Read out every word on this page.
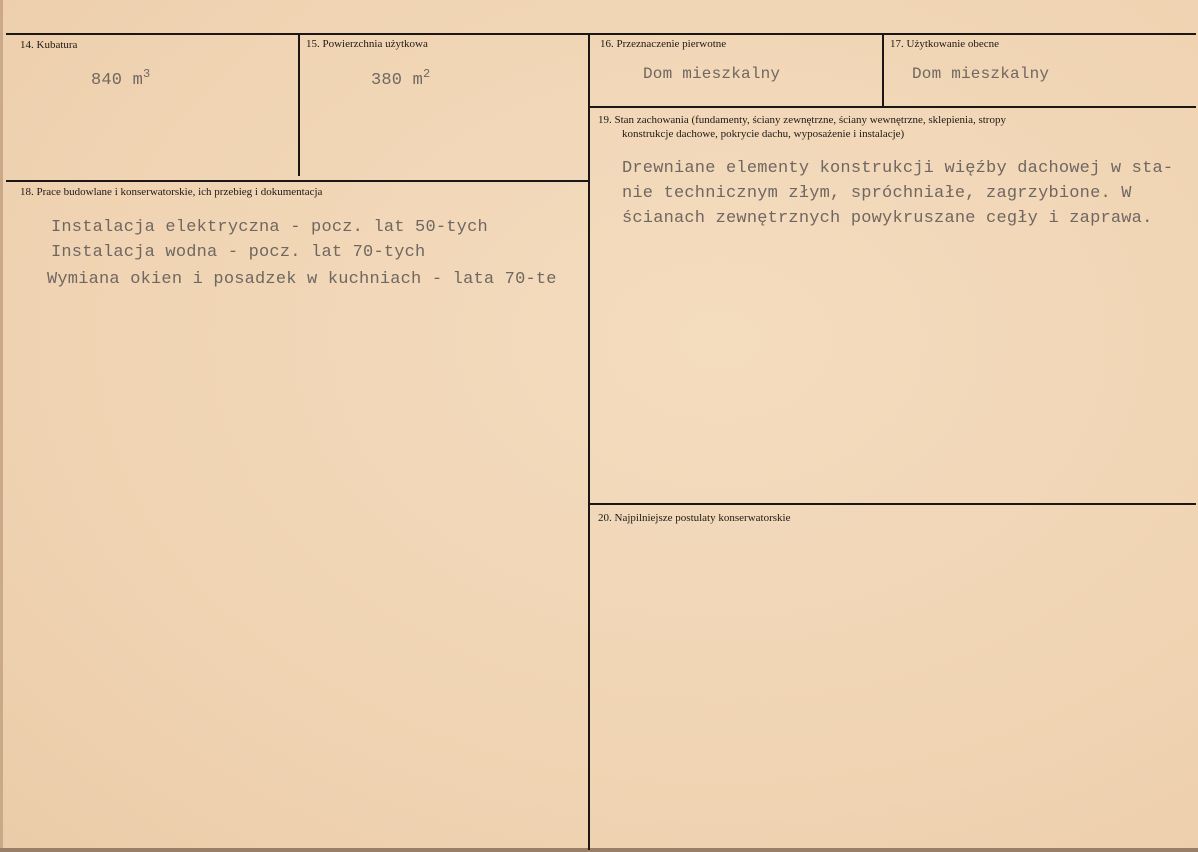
14. Kubatura
840 $m^3$
15. Powierzchnia użytkowa
380 $m^2$
16. Przeznaczenie pierwotne
Dom mieszkalny
17. Użytkowanie obecne
Dom mieszkalny
18. Prace budowlane i konserwatorskie, ich przebieg i dokumentacja
Instalacja elektryczna - pocz. lat 50-tych
Instalacja wodna - pocz. lat 70-tych
Wymiana okien i posadzek w kuchniach - lata 70-te
19. Stan zachowania (fundamenty, ściany zewnętrzne, ściany wewnętrzne, sklepienia, stropy
konstrukcje dachowe, pokrycie dachu, wyposażenie i instalacje)
Drewniane elementy konstrukcji więźby dachowej w sta-
nie technicznym złym, spróchniałe, zagrzybione. W
ścianach zewnętrznych powykruszane cegły i zaprawa.
20. Najpilniejsze postulaty konserwatorskie
